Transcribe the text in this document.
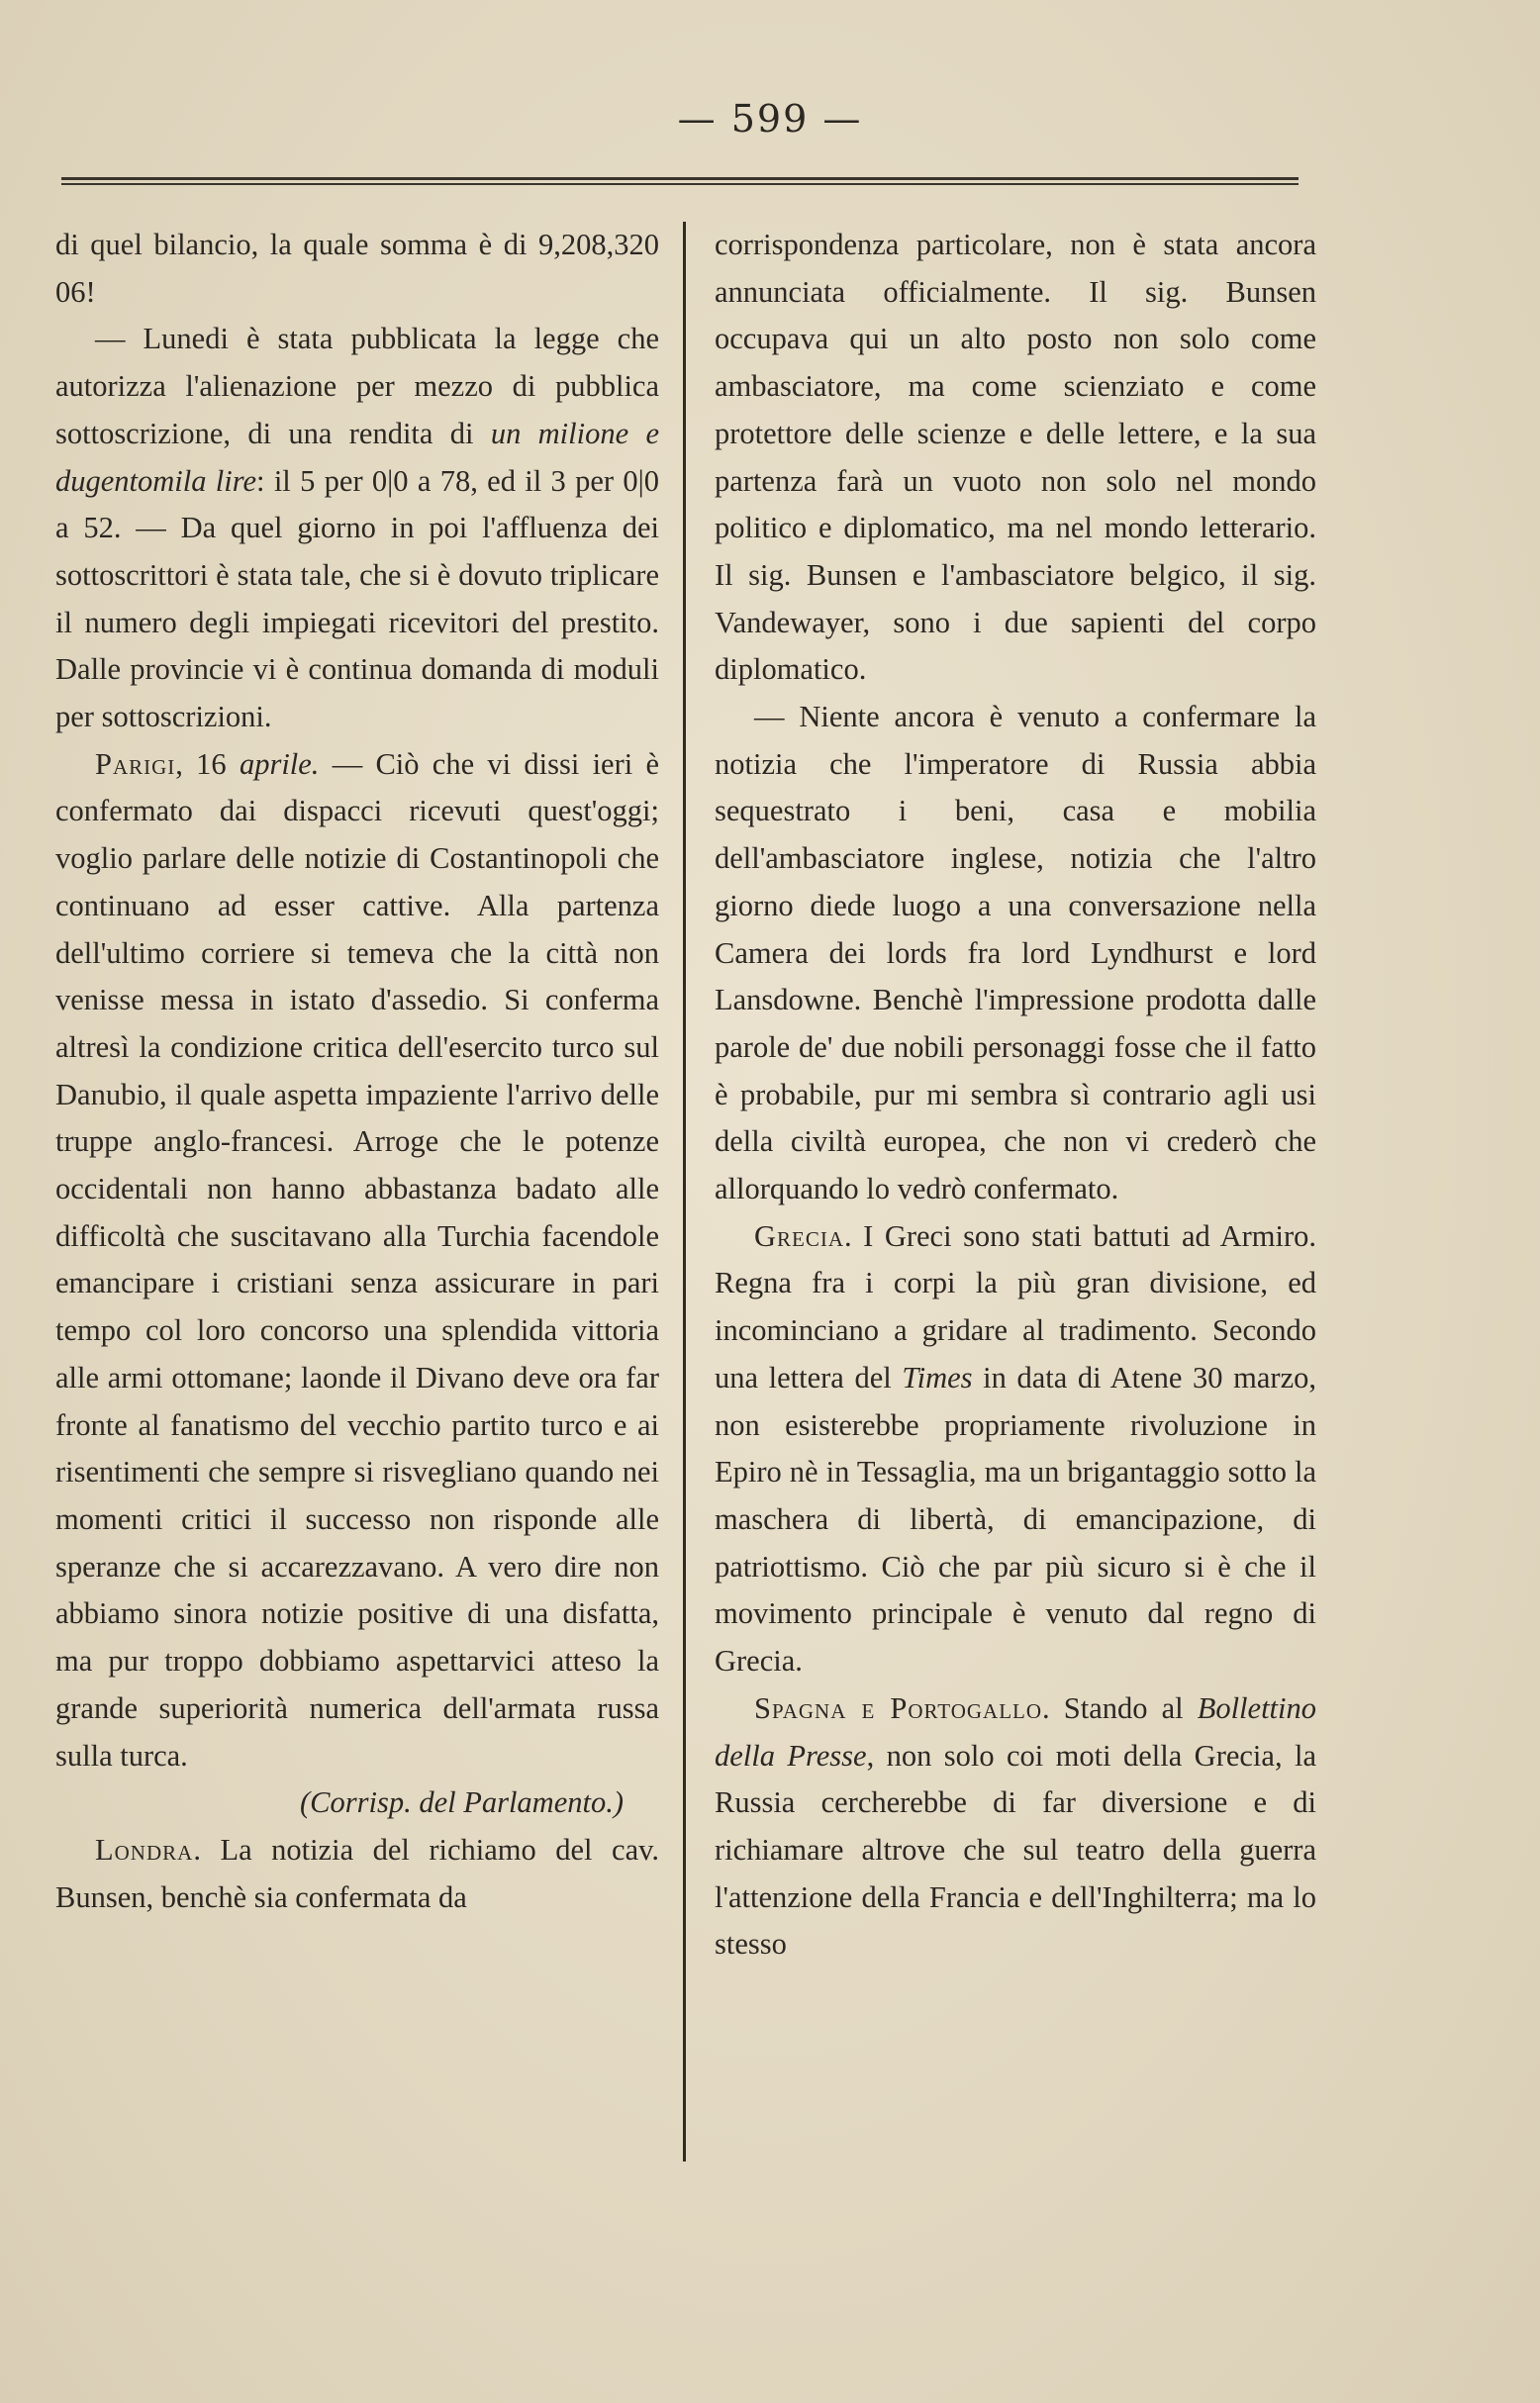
— 599 —

di quel bilancio, la quale somma è di 9,208,320 06!

— Lunedi è stata pubblicata la legge che autorizza l'alienazione per mezzo di pubblica sottoscrizione, di una rendita di un milione e dugentomila lire: il 5 per 0|0 a 78, ed il 3 per 0|0 a 52. — Da quel giorno in poi l'affluenza dei sottoscrittori è stata tale, che si è dovuto triplicare il numero degli impiegati ricevitori del prestito. Dalle provincie vi è continua domanda di moduli per sottoscrizioni.

Parigi, 16 aprile. — Ciò che vi dissi ieri è confermato dai dispacci ricevuti quest'oggi; voglio parlare delle notizie di Costantinopoli che continuano ad esser cattive. Alla partenza dell'ultimo corriere si temeva che la città non venisse messa in istato d'assedio. Si conferma altresì la condizione critica dell'esercito turco sul Danubio, il quale aspetta impaziente l'arrivo delle truppe anglo-francesi. Arroge che le potenze occidentali non hanno abbastanza badato alle difficoltà che suscitavano alla Turchia facendole emancipare i cristiani senza assicurare in pari tempo col loro concorso una splendida vittoria alle armi ottomane; laonde il Divano deve ora far fronte al fanatismo del vecchio partito turco e ai risentimenti che sempre si risvegliano quando nei momenti critici il successo non risponde alle speranze che si accarezzavano. A vero dire non abbiamo sinora notizie positive di una disfatta, ma pur troppo dobbiamo aspettarvici atteso la grande superiorità numerica dell'armata russa sulla turca.

(Corrisp. del Parlamento.)

Londra. La notizia del richiamo del cav. Bunsen, benchè sia confermata da

corrispondenza particolare, non è stata ancora annunciata officialmente. Il sig. Bunsen occupava qui un alto posto non solo come ambasciatore, ma come scienziato e come protettore delle scienze e delle lettere, e la sua partenza farà un vuoto non solo nel mondo politico e diplomatico, ma nel mondo letterario. Il sig. Bunsen e l'ambasciatore belgico, il sig. Vandewayer, sono i due sapienti del corpo diplomatico.

— Niente ancora è venuto a confermare la notizia che l'imperatore di Russia abbia sequestrato i beni, casa e mobilia dell'ambasciatore inglese, notizia che l'altro giorno diede luogo a una conversazione nella Camera dei lords fra lord Lyndhurst e lord Lansdowne. Benchè l'impressione prodotta dalle parole de' due nobili personaggi fosse che il fatto è probabile, pur mi sembra sì contrario agli usi della civiltà europea, che non vi crederò che allorquando lo vedrò confermato.

Grecia. I Greci sono stati battuti ad Armiro. Regna fra i corpi la più gran divisione, ed incominciano a gridare al tradimento. Secondo una lettera del Times in data di Atene 30 marzo, non esisterebbe propriamente rivoluzione in Epiro nè in Tessaglia, ma un brigantaggio sotto la maschera di libertà, di emancipazione, di patriottismo. Ciò che par più sicuro si è che il movimento principale è venuto dal regno di Grecia.

Spagna e Portogallo. Stando al Bollettino della Presse, non solo coi moti della Grecia, la Russia cercherebbe di far diversione e di richiamare altrove che sul teatro della guerra l'attenzione della Francia e dell'Inghilterra; ma lo stesso
